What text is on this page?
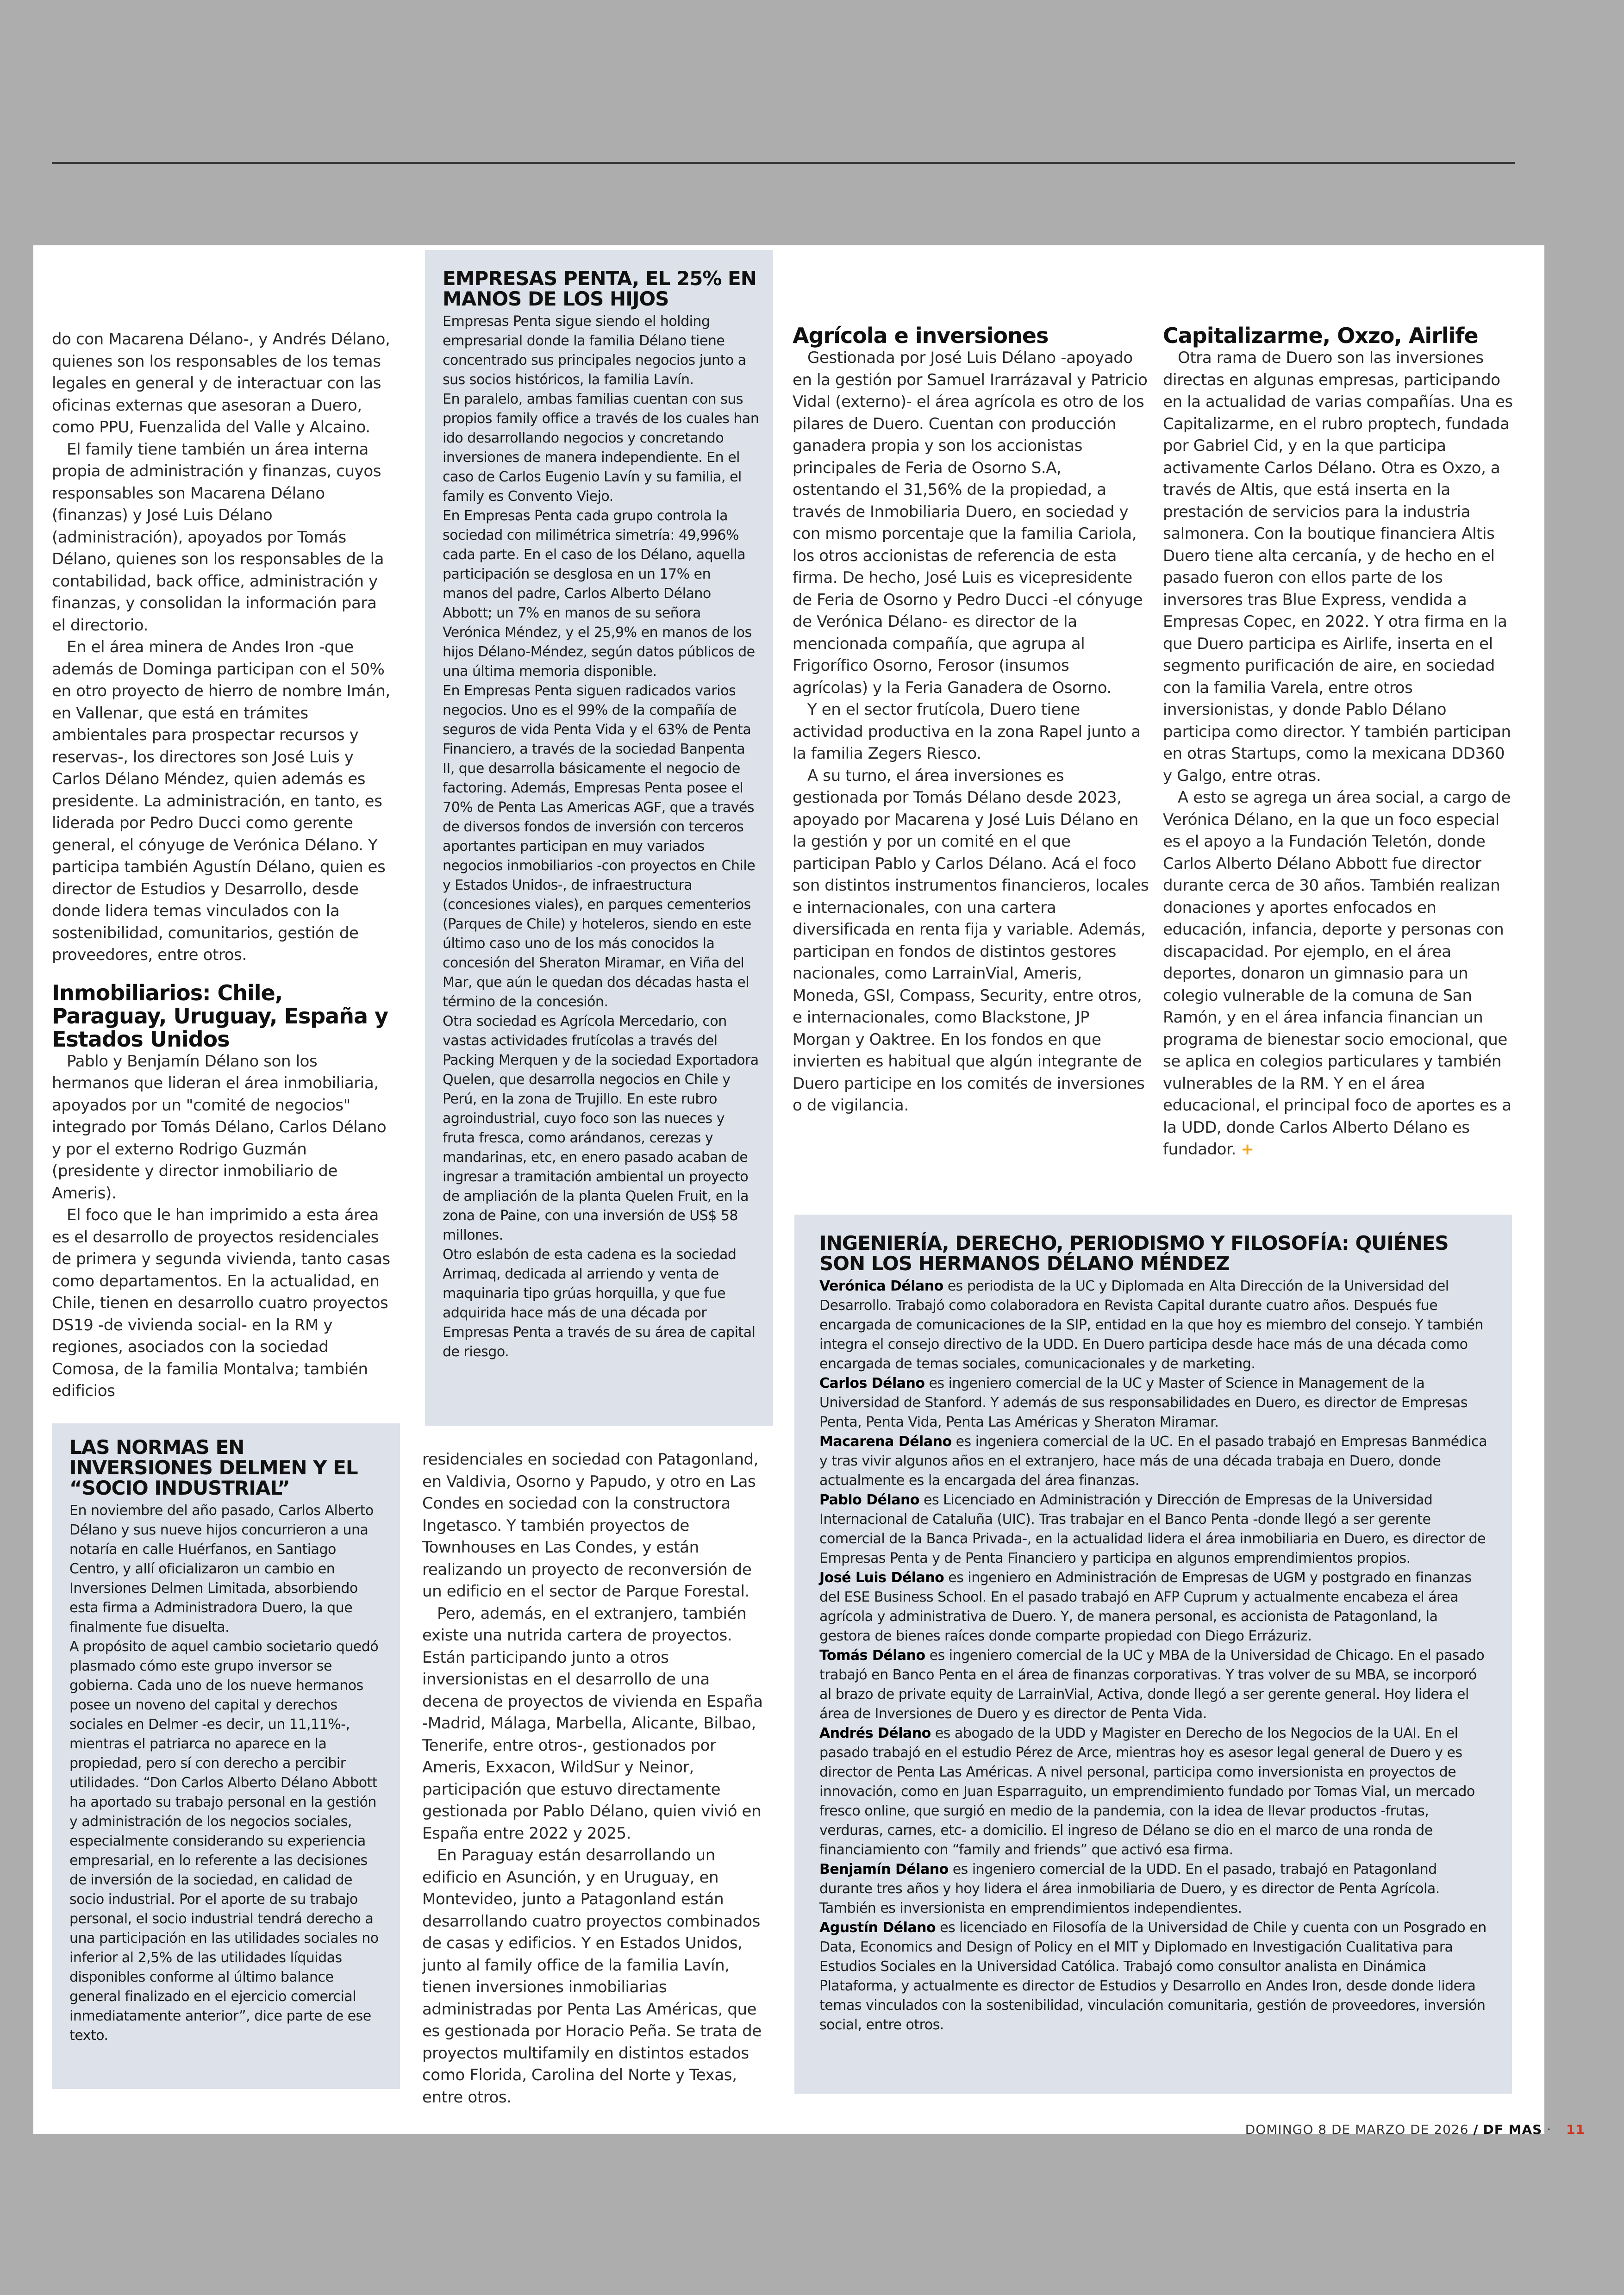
do con Macarena Délano-, y Andrés Délano, quienes son los responsables de los temas legales en general y de interactuar con las oficinas externas que asesoran a Duero, como PPU, Fuenzalida del Valle y Alcaino.

El family tiene también un área interna propia de administración y finanzas, cuyos responsables son Macarena Délano (finanzas) y José Luis Délano (administración), apoyados por Tomás Délano, quienes son los responsables de la contabilidad, back office, administración y finanzas, y consolidan la información para el directorio.

En el área minera de Andes Iron -que además de Dominga participan con el 50% en otro proyecto de hierro de nombre Imán, en Vallenar, que está en trámites ambientales para prospectar recursos y reservas-, los directores son José Luis y Carlos Délano Méndez, quien además es presidente. La administración, en tanto, es liderada por Pedro Ducci como gerente general, el cónyuge de Verónica Délano. Y participa también Agustín Délano, quien es director de Estudios y Desarrollo, desde donde lidera temas vinculados con la sostenibilidad, comunitarios, gestión de proveedores, entre otros.

Inmobiliarios: Chile, Paraguay, Uruguay, España y Estados Unidos

Pablo y Benjamín Délano son los hermanos que lideran el área inmobiliaria, apoyados por un "comité de negocios" integrado por Tomás Délano, Carlos Délano y por el externo Rodrigo Guzmán (presidente y director inmobiliario de Ameris).

El foco que le han imprimido a esta área es el desarrollo de proyectos residenciales de primera y segunda vivienda, tanto casas como departamentos. En la actualidad, en Chile, tienen en desarrollo cuatro proyectos DS19 -de vivienda social- en la RM y regiones, asociados con la sociedad Comosa, de la familia Montalva; también edificios

LAS NORMAS EN INVERSIONES DELMEN Y EL “SOCIO INDUSTRIAL”

En noviembre del año pasado, Carlos Alberto Délano y sus nueve hijos concurrieron a una notaría en calle Huérfanos, en Santiago Centro, y allí oficializaron un cambio en Inversiones Delmen Limitada, absorbiendo esta firma a Administradora Duero, la que finalmente fue disuelta.

A propósito de aquel cambio societario quedó plasmado cómo este grupo inversor se gobierna. Cada uno de los nueve hermanos posee un noveno del capital y derechos sociales en Delmer -es decir, un 11,11%-, mientras el patriarca no aparece en la propiedad, pero sí con derecho a percibir utilidades. “Don Carlos Alberto Délano Abbott ha aportado su trabajo personal en la gestión y administración de los negocios sociales, especialmente considerando su experiencia empresarial, en lo referente a las decisiones de inversión de la sociedad, en calidad de socio industrial. Por el aporte de su trabajo personal, el socio industrial tendrá derecho a una participación en las utilidades sociales no inferior al 2,5% de las utilidades líquidas disponibles conforme al último balance general finalizado en el ejercicio comercial inmediatamente anterior”, dice parte de ese texto.

EMPRESAS PENTA, EL 25% EN MANOS DE LOS HIJOS

Empresas Penta sigue siendo el holding empresarial donde la familia Délano tiene concentrado sus principales negocios junto a sus socios históricos, la familia Lavín.

En paralelo, ambas familias cuentan con sus propios family office a través de los cuales han ido desarrollando negocios y concretando inversiones de manera independiente. En el caso de Carlos Eugenio Lavín y su familia, el family es Convento Viejo.

En Empresas Penta cada grupo controla la sociedad con milimétrica simetría: 49,996% cada parte. En el caso de los Délano, aquella participación se desglosa en un 17% en manos del padre, Carlos Alberto Délano Abbott; un 7% en manos de su señora Verónica Méndez, y el 25,9% en manos de los hijos Délano-Méndez, según datos públicos de una última memoria disponible.

En Empresas Penta siguen radicados varios negocios. Uno es el 99% de la compañía de seguros de vida Penta Vida y el 63% de Penta Financiero, a través de la sociedad Banpenta II, que desarrolla básicamente el negocio de factoring. Además, Empresas Penta posee el 70% de Penta Las Americas AGF, que a través de diversos fondos de inversión con terceros aportantes participan en muy variados negocios inmobiliarios -con proyectos en Chile y Estados Unidos-, de infraestructura (concesiones viales), en parques cementerios (Parques de Chile) y hoteleros, siendo en este último caso uno de los más conocidos la concesión del Sheraton Miramar, en Viña del Mar, que aún le quedan dos décadas hasta el término de la concesión.

Otra sociedad es Agrícola Mercedario, con vastas actividades frutícolas a través del Packing Merquen y de la sociedad Exportadora Quelen, que desarrolla negocios en Chile y Perú, en la zona de Trujillo. En este rubro agroindustrial, cuyo foco son las nueces y fruta fresca, como arándanos, cerezas y mandarinas, etc, en enero pasado acaban de ingresar a tramitación ambiental un proyecto de ampliación de la planta Quelen Fruit, en la zona de Paine, con una inversión de US$ 58 millones.

Otro eslabón de esta cadena es la sociedad Arrimaq, dedicada al arriendo y venta de maquinaria tipo grúas horquilla, y que fue adquirida hace más de una década por Empresas Penta a través de su área de capital de riesgo.

residenciales en sociedad con Patagonland, en Valdivia, Osorno y Papudo, y otro en Las Condes en sociedad con la constructora Ingetasco. Y también proyectos de Townhouses en Las Condes, y están realizando un proyecto de reconversión de un edificio en el sector de Parque Forestal.

Pero, además, en el extranjero, también existe una nutrida cartera de proyectos. Están participando junto a otros inversionistas en el desarrollo de una decena de proyectos de vivienda en España -Madrid, Málaga, Marbella, Alicante, Bilbao, Tenerife, entre otros-, gestionados por Ameris, Exxacon, WildSur y Neinor, participación que estuvo directamente gestionada por Pablo Délano, quien vivió en España entre 2022 y 2025.

En Paraguay están desarrollando un edificio en Asunción, y en Uruguay, en Montevideo, junto a Patagonland están desarrollando cuatro proyectos combinados de casas y edificios. Y en Estados Unidos, junto al family office de la familia Lavín, tienen inversiones inmobiliarias administradas por Penta Las Américas, que es gestionada por Horacio Peña. Se trata de proyectos multifamily en distintos estados como Florida, Carolina del Norte y Texas, entre otros.

Agrícola e inversiones

Gestionada por José Luis Délano -apoyado en la gestión por Samuel Irarrázaval y Patricio Vidal (externo)- el área agrícola es otro de los pilares de Duero. Cuentan con producción ganadera propia y son los accionistas principales de Feria de Osorno S.A, ostentando el 31,56% de la propiedad, a través de Inmobiliaria Duero, en sociedad y con mismo porcentaje que la familia Cariola, los otros accionistas de referencia de esta firma. De hecho, José Luis es vicepresidente de Feria de Osorno y Pedro Ducci -el cónyuge de Verónica Délano- es director de la mencionada compañía, que agrupa al Frigorífico Osorno, Ferosor (insumos agrícolas) y la Feria Ganadera de Osorno.

Y en el sector frutícola, Duero tiene actividad productiva en la zona Rapel junto a la familia Zegers Riesco.

A su turno, el área inversiones es gestionada por Tomás Délano desde 2023, apoyado por Macarena y José Luis Délano en la gestión y por un comité en el que participan Pablo y Carlos Délano. Acá el foco son distintos instrumentos financieros, locales e internacionales, con una cartera diversificada en renta fija y variable. Además, participan en fondos de distintos gestores nacionales, como LarrainVial, Ameris, Moneda, GSI, Compass, Security, entre otros, e internacionales, como Blackstone, JP Morgan y Oaktree. En los fondos en que invierten es habitual que algún integrante de Duero participe en los comités de inversiones o de vigilancia.

Capitalizarme, Oxzo, Airlife

Otra rama de Duero son las inversiones directas en algunas empresas, participando en la actualidad de varias compañías. Una es Capitalizarme, en el rubro proptech, fundada por Gabriel Cid, y en la que participa activamente Carlos Délano. Otra es Oxzo, a través de Altis, que está inserta en la prestación de servicios para la industria salmonera. Con la boutique financiera Altis Duero tiene alta cercanía, y de hecho en el pasado fueron con ellos parte de los inversores tras Blue Express, vendida a Empresas Copec, en 2022. Y otra firma en la que Duero participa es Airlife, inserta en el segmento purificación de aire, en sociedad con la familia Varela, entre otros inversionistas, y donde Pablo Délano participa como director. Y también participan en otras Startups, como la mexicana DD360 y Galgo, entre otras.

A esto se agrega un área social, a cargo de Verónica Délano, en la que un foco especial es el apoyo a la Fundación Teletón, donde Carlos Alberto Délano Abbott fue director durante cerca de 30 años. También realizan donaciones y aportes enfocados en educación, infancia, deporte y personas con discapacidad. Por ejemplo, en el área deportes, donaron un gimnasio para un colegio vulnerable de la comuna de San Ramón, y en el área infancia financian un programa de bienestar socio emocional, que se aplica en colegios particulares y también vulnerables de la RM. Y en el área educacional, el principal foco de aportes es a la UDD, donde Carlos Alberto Délano es fundador. +

INGENIERÍA, DERECHO, PERIODISMO Y FILOSOFÍA: QUIÉNES SON LOS HERMANOS DÉLANO MÉNDEZ

Verónica Délano es periodista de la UC y Diplomada en Alta Dirección de la Universidad del Desarrollo. Trabajó como colaboradora en Revista Capital durante cuatro años. Después fue encargada de comunicaciones de la SIP, entidad en la que hoy es miembro del consejo. Y también integra el consejo directivo de la UDD. En Duero participa desde hace más de una década como encargada de temas sociales, comunicacionales y de marketing.

Carlos Délano es ingeniero comercial de la UC y Master of Science in Management de la Universidad de Stanford. Y además de sus responsabilidades en Duero, es director de Empresas Penta, Penta Vida, Penta Las Américas y Sheraton Miramar.

Macarena Délano es ingeniera comercial de la UC. En el pasado trabajó en Empresas Banmédica y tras vivir algunos años en el extranjero, hace más de una década trabaja en Duero, donde actualmente es la encargada del área finanzas.

Pablo Délano es Licenciado en Administración y Dirección de Empresas de la Universidad Internacional de Cataluña (UIC). Tras trabajar en el Banco Penta -donde llegó a ser gerente comercial de la Banca Privada-, en la actualidad lidera el área inmobiliaria en Duero, es director de Empresas Penta y de Penta Financiero y participa en algunos emprendimientos propios.

José Luis Délano es ingeniero en Administración de Empresas de UGM y postgrado en finanzas del ESE Business School. En el pasado trabajó en AFP Cuprum y actualmente encabeza el área agrícola y administrativa de Duero. Y, de manera personal, es accionista de Patagonland, la gestora de bienes raíces donde comparte propiedad con Diego Errázuriz.

Tomás Délano es ingeniero comercial de la UC y MBA de la Universidad de Chicago. En el pasado trabajó en Banco Penta en el área de finanzas corporativas. Y tras volver de su MBA, se incorporó al brazo de private equity de LarrainVial, Activa, donde llegó a ser gerente general. Hoy lidera el área de Inversiones de Duero y es director de Penta Vida.

Andrés Délano es abogado de la UDD y Magister en Derecho de los Negocios de la UAI. En el pasado trabajó en el estudio Pérez de Arce, mientras hoy es asesor legal general de Duero y es director de Penta Las Américas. A nivel personal, participa como inversionista en proyectos de innovación, como en Juan Esparraguito, un emprendimiento fundado por Tomas Vial, un mercado fresco online, que surgió en medio de la pandemia, con la idea de llevar productos -frutas, verduras, carnes, etc- a domicilio. El ingreso de Délano se dio en el marco de una ronda de financiamiento con “family and friends” que activó esa firma.

Benjamín Délano es ingeniero comercial de la UDD. En el pasado, trabajó en Patagonland durante tres años y hoy lidera el área inmobiliaria de Duero, y es director de Penta Agrícola. También es inversionista en emprendimientos independientes.

Agustín Délano es licenciado en Filosofía de la Universidad de Chile y cuenta con un Posgrado en Data, Economics and Design of Policy en el MIT y Diplomado en Investigación Cualitativa para Estudios Sociales en la Universidad Católica. Trabajó como consultor analista en Dinámica Plataforma, y actualmente es director de Estudios y Desarrollo en Andes Iron, desde donde lidera temas vinculados con la sostenibilidad, vinculación comunitaria, gestión de proveedores, inversión social, entre otros.

DOMINGO 8 DE MARZO DE 2026 / DF MAS · 11
